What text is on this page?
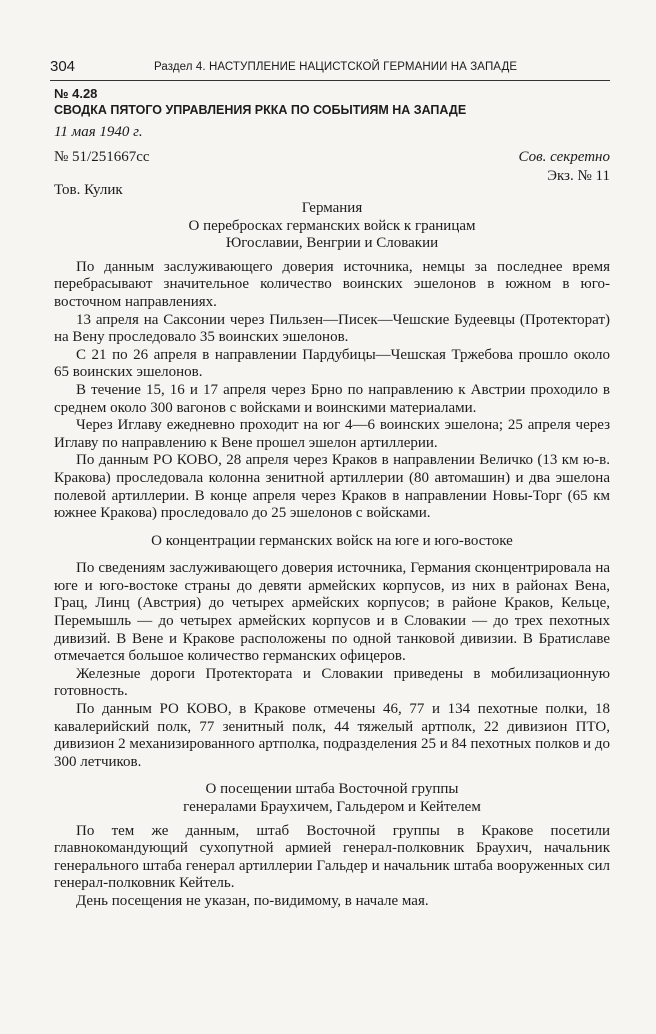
304	Раздел 4. НАСТУПЛЕНИЕ НАЦИСТСКОЙ ГЕРМАНИИ НА ЗАПАДЕ
№ 4.28
СВОДКА ПЯТОГО УПРАВЛЕНИЯ РККА ПО СОБЫТИЯМ НА ЗАПАДЕ
11 мая 1940 г.
№ 51/251667сс	Сов. секретно
Экз. № 11
Тов. Кулик

Германия

О перебросках германских войск к границам

Югославии, Венгрии и Словакии

По данным заслуживающего доверия источника, немцы за последнее время перебрасывают значительное количество воинских эшелонов в южном в юго-восточном направлениях.

13 апреля на Саксонии через Пильзен—Писек—Чешские Будеевцы (Протекторат) на Вену проследовало 35 воинских эшелонов.

С 21 по 26 апреля в направлении Пардубицы—Чешская Тржебова прошло около 65 воинских эшелонов.

В течение 15, 16 и 17 апреля через Брно по направлению к Австрии проходило в среднем около 300 вагонов с войсками и воинскими материалами.

Через Иглаву ежедневно проходит на юг 4—6 воинских эшелона; 25 апреля через Иглаву по направлению к Вене прошел эшелон артиллерии.

По данным РО КОВО, 28 апреля через Краков в направлении Величко (13 км ю-в. Кракова) проследовала колонна зенитной артиллерии (80 автомашин) и два эшелона полевой артиллерии. В конце апреля через Краков в направлении Новы-Торг (65 км южнее Кракова) проследовало до 25 эшелонов с войсками.

О концентрации германских войск на юге и юго-востоке

По сведениям заслуживающего доверия источника, Германия сконцентрировала на юге и юго-востоке страны до девяти армейских корпусов, из них в районах Вена, Грац, Линц (Австрия) до четырех армейских корпусов; в районе Краков, Кельце, Перемышль — до четырех армейских корпусов и в Словакии — до трех пехотных дивизий. В Вене и Кракове расположены по одной танковой дивизии. В Братиславе отмечается большое количество германских офицеров.

Железные дороги Протектората и Словакии приведены в мобилизационную готовность.

По данным РО КОВО, в Кракове отмечены 46, 77 и 134 пехотные полки, 18 кавалерийский полк, 77 зенитный полк, 44 тяжелый артполк, 22 дивизион ПТО, дивизион 2 механизированного артполка, подразделения 25 и 84 пехотных полков и до 300 летчиков.

О посещении штаба Восточной группы

генералами Браухичем, Гальдером и Кейтелем

По тем же данным, штаб Восточной группы в Кракове посетили главнокомандующий сухопутной армией генерал-полковник Браухич, начальник генерального штаба генерал артиллерии Гальдер и начальник штаба вооруженных сил генерал-полковник Кейтель.

День посещения не указан, по-видимому, в начале мая.
